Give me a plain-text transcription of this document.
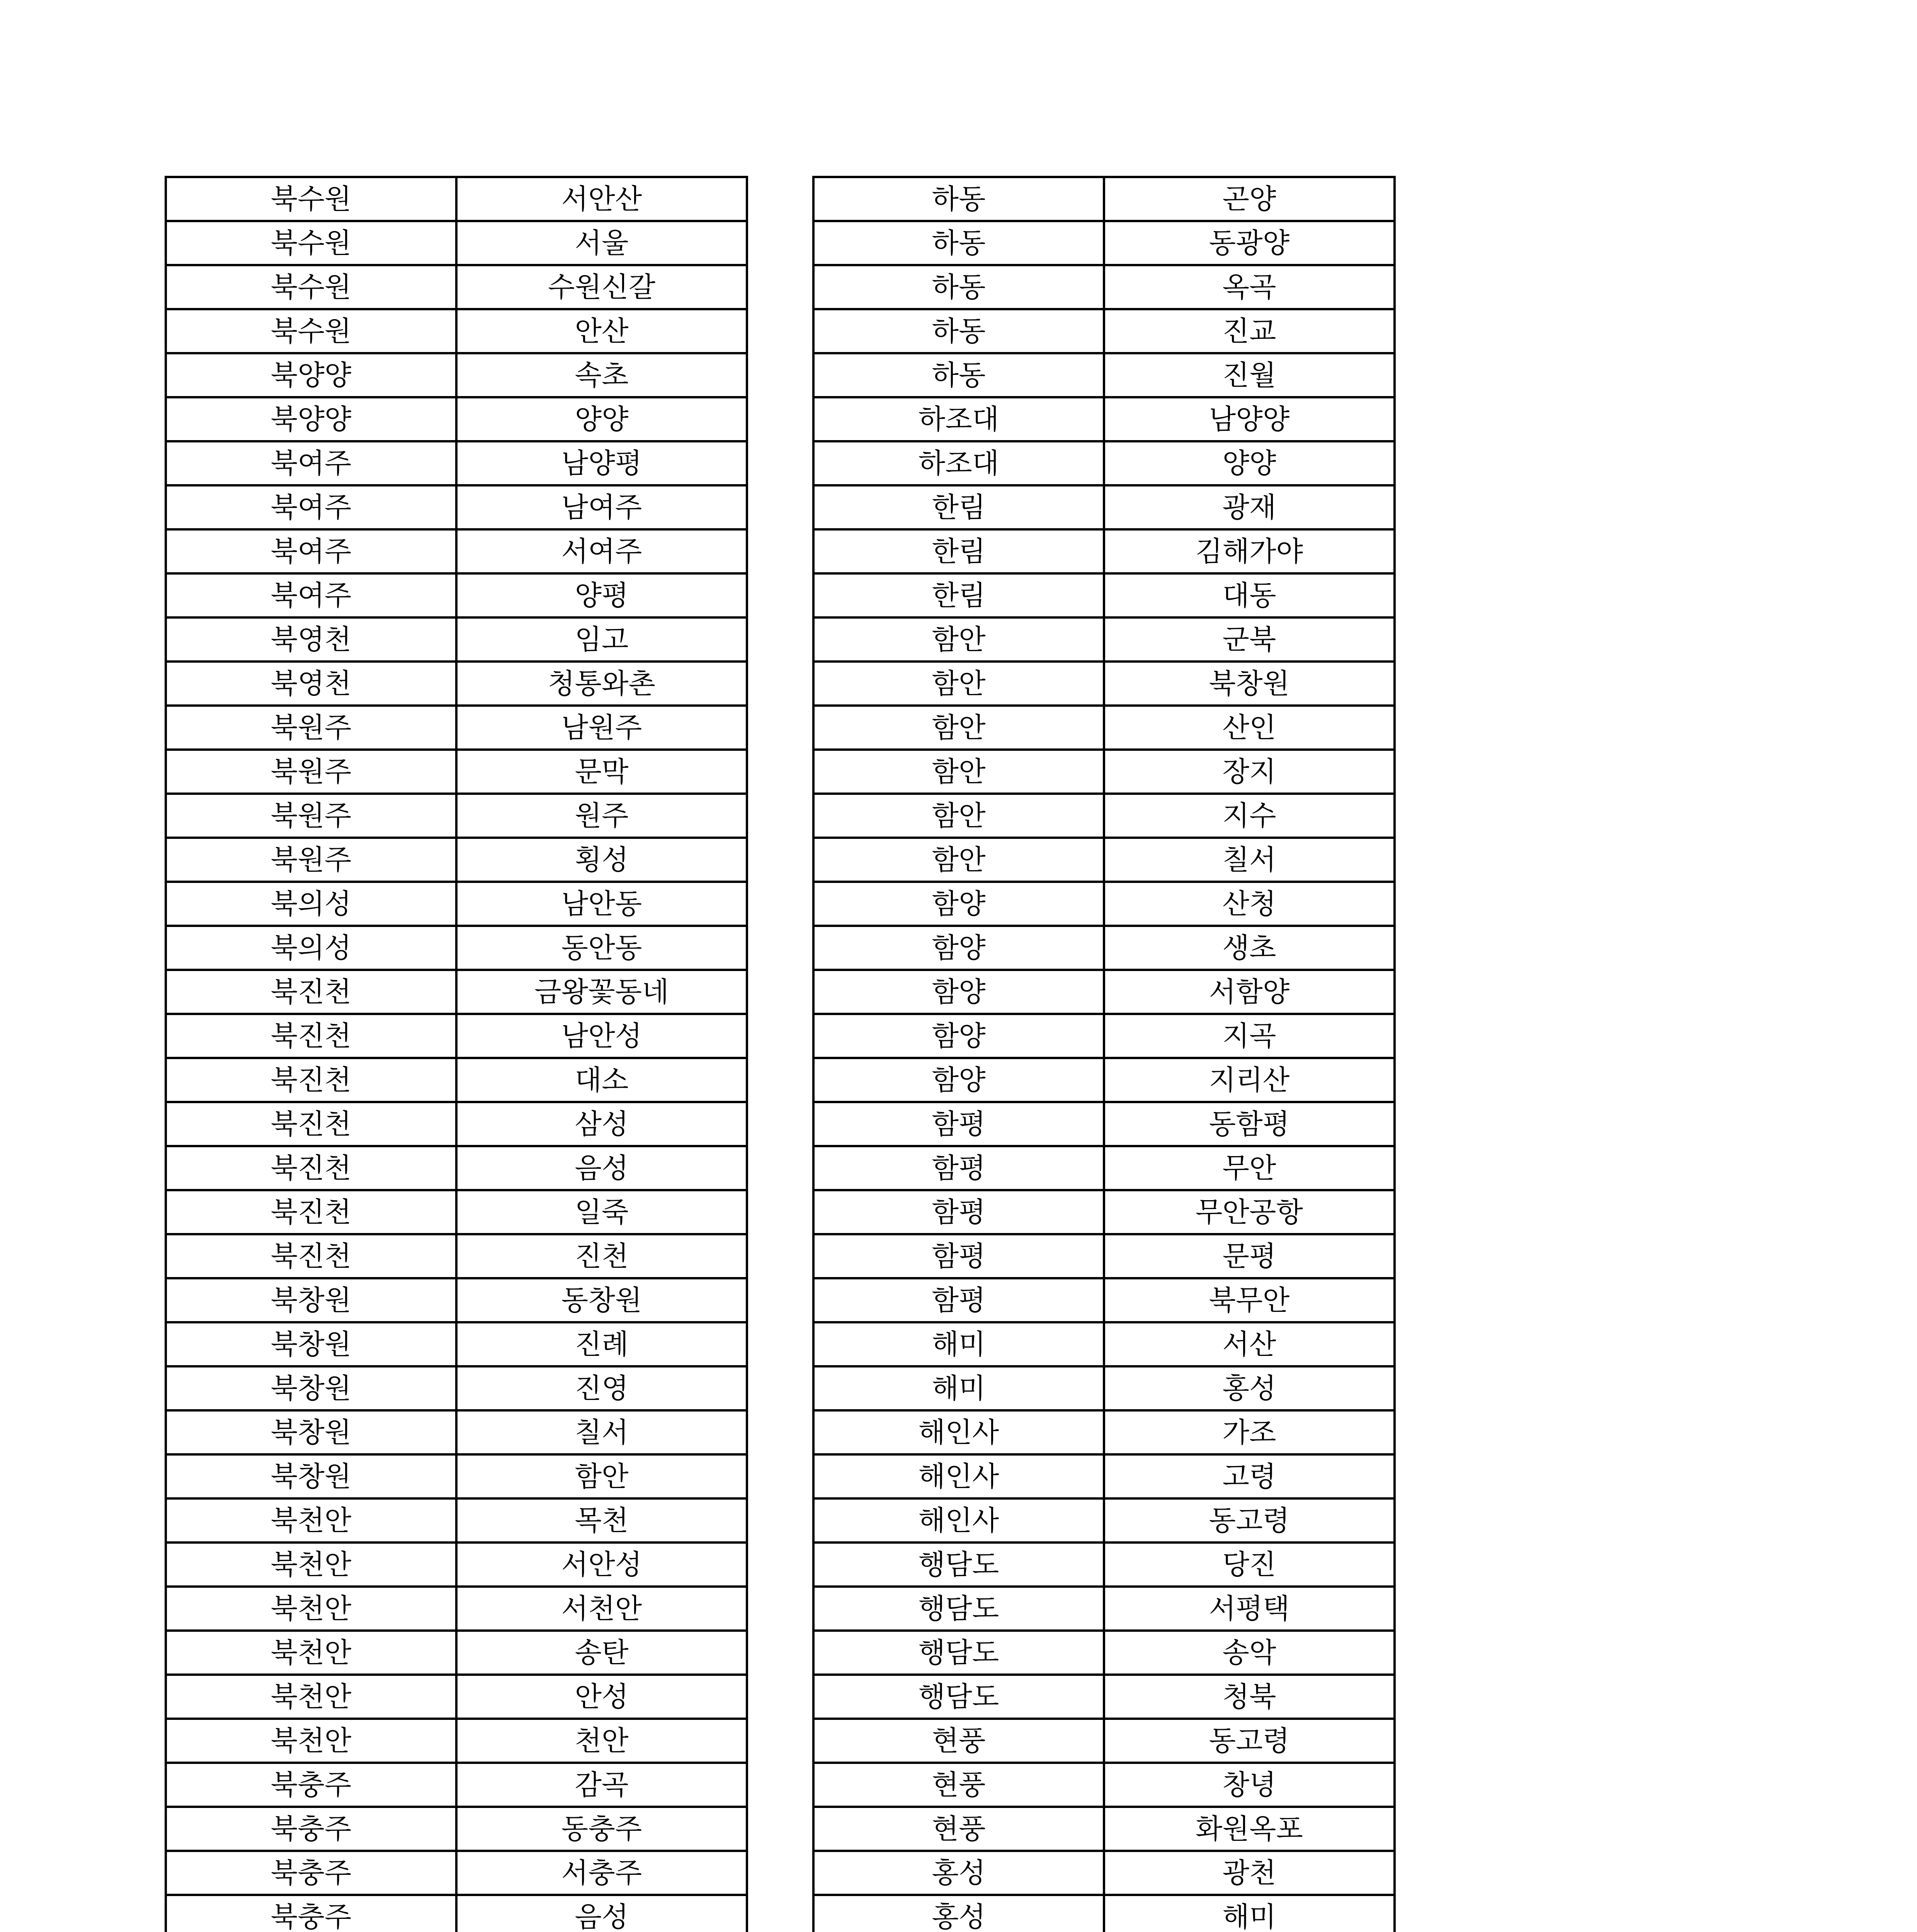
북수원	서안산
북수원	서울
북수원	수원신갈
북수원	안산
북양양	속초
북양양	양양
북여주	남양평
북여주	남여주
북여주	서여주
북여주	양평
북영천	임고
북영천	청통와촌
북원주	남원주
북원주	문막
북원주	원주
북원주	횡성
북의성	남안동
북의성	동안동
북진천	금왕꽃동네
북진천	남안성
북진천	대소
북진천	삼성
북진천	음성
북진천	일죽
북진천	진천
북창원	동창원
북창원	진례
북창원	진영
북창원	칠서
북창원	함안
북천안	목천
북천안	서안성
북천안	서천안
북천안	송탄
북천안	안성
북천안	천안
북충주	감곡
북충주	동충주
북충주	서충주
북충주	음성

하동	곤양
하동	동광양
하동	옥곡
하동	진교
하동	진월
하조대	남양양
하조대	양양
한림	광재
한림	김해가야
한림	대동
함안	군북
함안	북창원
함안	산인
함안	장지
함안	지수
함안	칠서
함양	산청
함양	생초
함양	서함양
함양	지곡
함양	지리산
함평	동함평
함평	무안
함평	무안공항
함평	문평
함평	북무안
해미	서산
해미	홍성
해인사	가조
해인사	고령
해인사	동고령
행담도	당진
행담도	서평택
행담도	송악
행담도	청북
현풍	동고령
현풍	창녕
현풍	화원옥포
홍성	광천
홍성	해미
